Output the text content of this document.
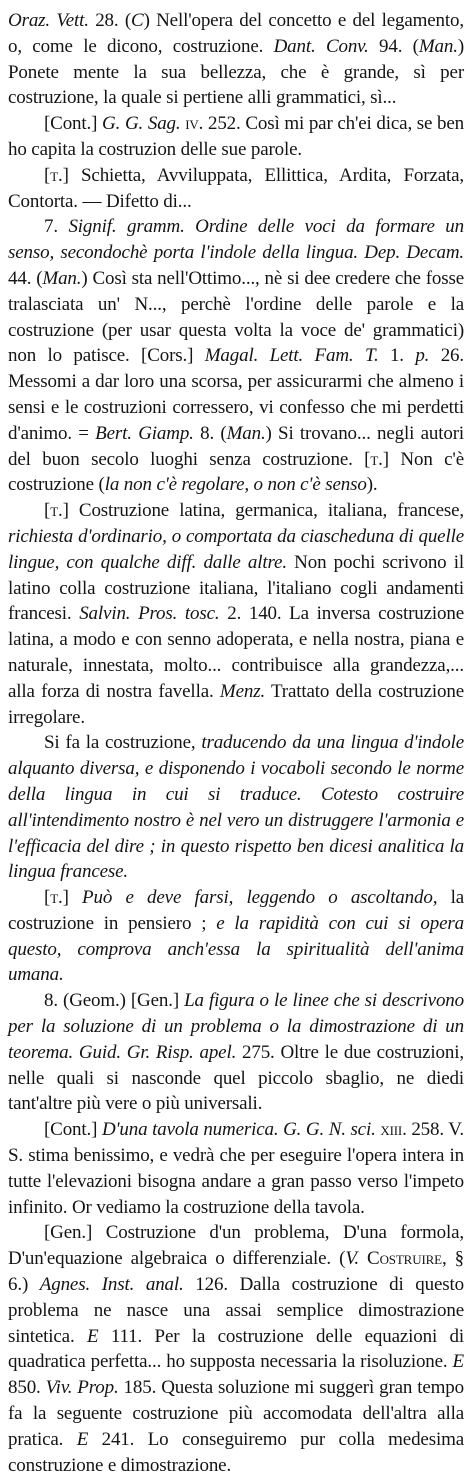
Oraz. Vett. 28. (C) Nell'opera del concetto e del legamento, o, come le dicono, costruzione. Dant. Conv. 94. (Man.) Ponete mente la sua bellezza, che è grande, sì per costruzione, la quale si pertiene alli grammatici, sì...

[Cont.] G. G. Sag. iv. 252. Così mi par ch'ei dica, se ben ho capita la costruzion delle sue parole.

[t.] Schietta, Avviluppata, Ellittica, Ardita, Forzata, Contorta. — Difetto di...

7. Signif. gramm. Ordine delle voci da formare un senso, secondochè porta l'indole della lingua. Dep. Decam. 44. (Man.) Così sta nell'Ottimo..., nè si dee credere che fosse tralasciata un' N..., perchè l'ordine delle parole e la costruzione (per usar questa volta la voce de' grammatici) non lo patisce. [Cors.] Magal. Lett. Fam. T. 1. p. 26. Messomi a dar loro una scorsa, per assicurarmi che almeno i sensi e le costruzioni corressero, vi confesso che mi perdetti d'animo. = Bert. Giamp. 8. (Man.) Si trovano... negli autori del buon secolo luoghi senza costruzione. [t.] Non c'è costruzione (la non c'è regolare, o non c'è senso).

[t.] Costruzione latina, germanica, italiana, francese, richiesta d'ordinario, o comportata da ciascheduna di quelle lingue, con qualche diff. dalle altre. Non pochi scrivono il latino colla costruzione italiana, l'italiano cogli andamenti francesi. Salvin. Pros. tosc. 2. 140. La inversa costruzione latina, a modo e con senno adoperata, e nella nostra, piana e naturale, innestata, molto... contribuisce alla grandezza,... alla forza di nostra favella. Menz. Trattato della costruzione irregolare.

Si fa la costruzione, traducendo da una lingua d'indole alquanto diversa, e disponendo i vocaboli secondo le norme della lingua in cui si traduce. Cotesto costruire all'intendimento nostro è nel vero un distruggere l'armonia e l'efficacia del dire ; in questo rispetto ben dicesi analitica la lingua francese.

[t.] Può e deve farsi, leggendo o ascoltando, la costruzione in pensiero ; e la rapidità con cui si opera questo, comprova anch'essa la spiritualità dell'anima umana.

8. (Geom.) [Gen.] La figura o le linee che si descrivono per la soluzione di un problema o la dimostrazione di un teorema. Guid. Gr. Risp. apel. 275. Oltre le due costruzioni, nelle quali si nasconde quel piccolo sbaglio, ne diedi tant'altre più vere o più universali.

[Cont.] D'una tavola numerica. G. G. N. sci. xiii. 258. V. S. stima benissimo, e vedrà che per eseguire l'opera intera in tutte l'elevazioni bisogna andare a gran passo verso l'impeto infinito. Or vediamo la costruzione della tavola.

[Gen.] Costruzione d'un problema, D'una formola, D'un'equazione algebraica o differenziale. (V. Costruire, § 6.) Agnes. Inst. anal. 126. Dalla costruzione di questo problema ne nasce una assai semplice dimostrazione sintetica. E 111. Per la costruzione delle equazioni di quadratica perfetta... ho supposta necessaria la risoluzione. E 850. Viv. Prop. 185. Questa soluzione mi suggerì gran tempo fa la seguente costruzione più accomodata dell'altra alla pratica. E 241. Lo conseguiremo pur colla medesima construzione e dimostrazione.
